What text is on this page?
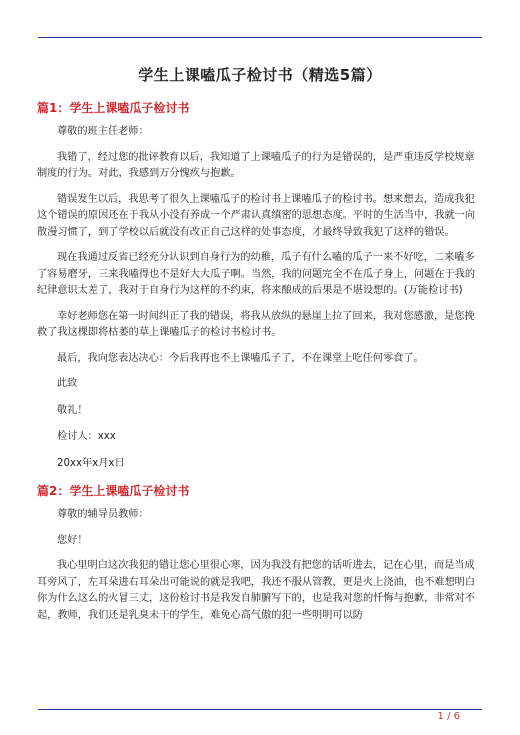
学生上课嗑瓜子检讨书（精选5篇）
篇1：学生上课嗑瓜子检讨书

尊敬的班主任老师：

我错了，经过您的批评教育以后，我知道了上课嗑瓜子的行为是错误的，是严重违反学校规章制度的行为。对此，我感到万分愧疚与抱歉。

错误发生以后，我思考了很久上课嗑瓜子的检讨书上课嗑瓜子的检讨书。想来想去，造成我犯这个错误的原因还在于我从小没有养成一个严肃认真缜密的思想态度。平时的生活当中，我就一向散漫习惯了，到了学校以后就没有改正自己这样的处事态度，才最终导致我犯了这样的错误。

现在我通过反省已经充分认识到自身行为的幼稚，瓜子有什么嗑的瓜子一来不好吃，二来嗑多了容易磨牙，三来我嗑得也不是好大大瓜子啊。当然，我的问题完全不在瓜子身上，问题在于我的纪律意识太差了，我对于自身行为这样的不约束，将来酿成的后果是不堪设想的。(万能检讨书)

幸好老师您在第一时间纠正了我的错误，将我从放纵的悬崖上拉了回来，我对您感激，是您挽救了我这棵即将枯萎的草上课嗑瓜子的检讨书检讨书。

最后，我向您表达决心：今后我再也不上课嗑瓜子了，不在课堂上吃任何零食了。

此致

敬礼！

检讨人：xxx

20xx年x月x日

篇2：学生上课嗑瓜子检讨书

尊敬的辅导员教师：

您好！

我心里明白这次我犯的错让您心里很心寒，因为我没有把您的话听进去，记在心里，而是当成耳旁风了，左耳朵进右耳朵出可能说的就是我吧，我还不服从管教，更是火上浇油，也不难想明白你为什么这么的火冒三丈，这份检讨书是我发自肺腑写下的，也是我对您的忏悔与抱歉，非常对不起，教师，我们还是乳臭未干的学生，难免心高气傲的犯一些明明可以防

1 / 6
